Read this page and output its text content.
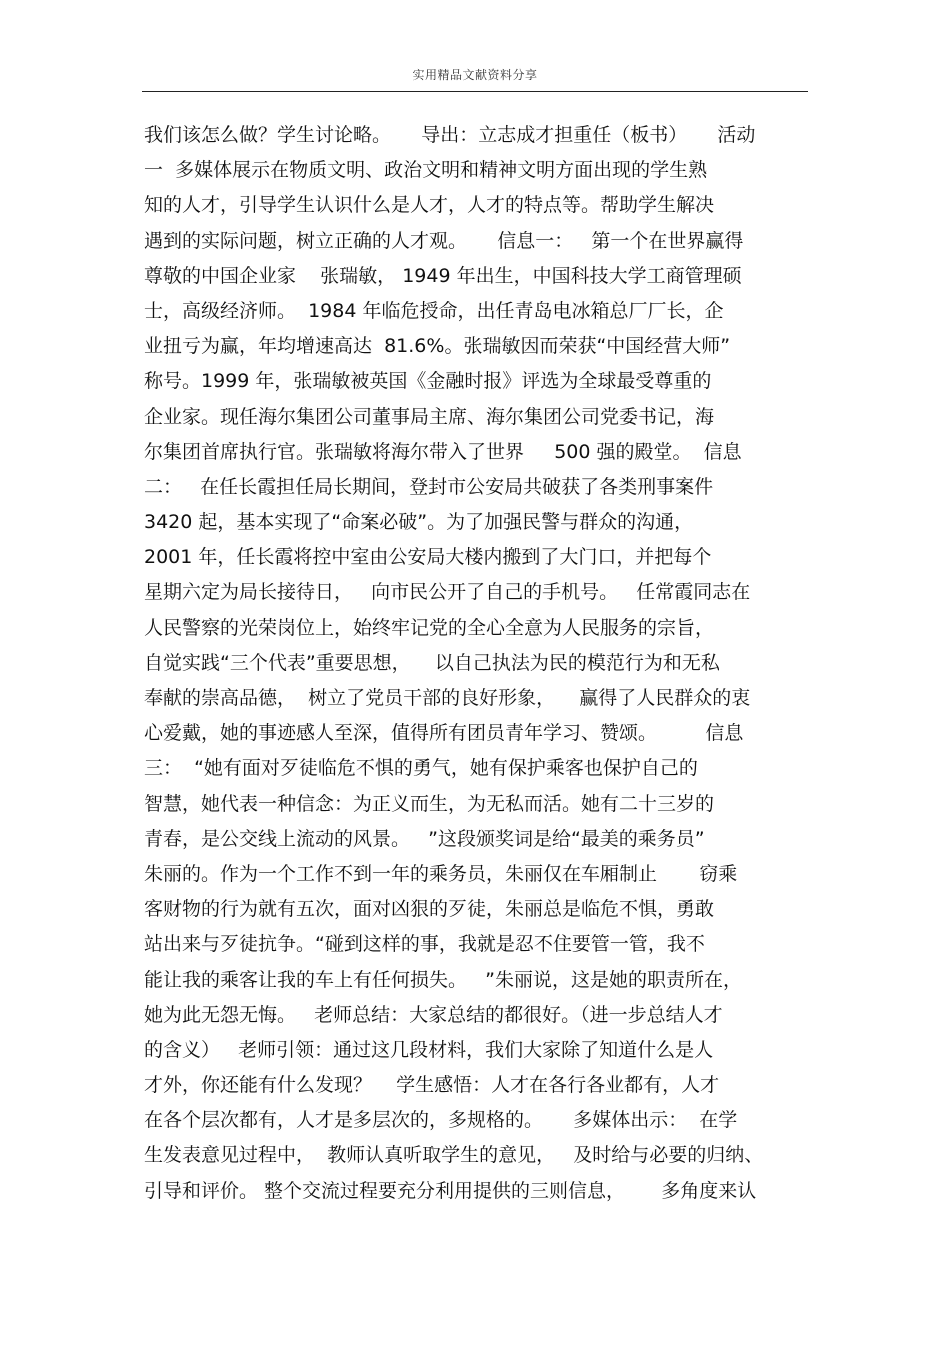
实用精品文献资料分享
我们该怎么做？学生讨论略。     导出：立志成才担重任（板书）     活动
一  多媒体展示在物质文明、政治文明和精神文明方面出现的学生熟
知的人才，引导学生认识什么是人才，人才的特点等。帮助学生解决
遇到的实际问题，树立正确的人才观。     信息一：   第一个在世界赢得
尊敬的中国企业家    张瑞敏， 1949 年出生，中国科技大学工商管理硕
士，高级经济师。  1984 年临危授命，出任青岛电冰箱总厂厂长，企
业扭亏为赢，年均增速高达  81.6%。张瑞敏因而荣获“中国经营大师”
称号。1999 年，张瑞敏被英国《金融时报》评选为全球最受尊重的
企业家。现任海尔集团公司董事局主席、海尔集团公司党委书记，海
尔集团首席执行官。张瑞敏将海尔带入了世界     500 强的殿堂。  信息
二：   在任长霞担任局长期间，登封市公安局共破获了各类刑事案件
3420 起，基本实现了“命案必破”。为了加强民警与群众的沟通，
2001 年，任长霞将控中室由公安局大楼内搬到了大门口，并把每个
星期六定为局长接待日，   向市民公开了自己的手机号。   任常霞同志在
人民警察的光荣岗位上，始终牢记党的全心全意为人民服务的宗旨，
自觉实践“三个代表”重要思想，    以自己执法为民的模范行为和无私
奉献的崇高品德，  树立了党员干部的良好形象，    赢得了人民群众的衷
心爱戴，她的事迹感人至深，值得所有团员青年学习、赞颂。        信息
三：  “她有面对歹徒临危不惧的勇气，她有保护乘客也保护自己的
智慧，她代表一种信念：为正义而生，为无私而活。她有二十三岁的
青春，是公交线上流动的风景。   ”这段颁奖词是给“最美的乘务员”
朱丽的。作为一个工作不到一年的乘务员，朱丽仅在车厢制止       窃乘
客财物的行为就有五次，面对凶狠的歹徒，朱丽总是临危不惧，勇敢
站出来与歹徒抗争。“碰到这样的事，我就是忍不住要管一管，我不
能让我的乘客让我的车上有任何损失。   ”朱丽说，这是她的职责所在，
她为此无怨无悔。   老师总结：大家总结的都很好。（进一步总结人才
的含义）   老师引领：通过这几段材料，我们大家除了知道什么是人
才外，你还能有什么发现？    学生感悟：人才在各行各业都有，人才
在各个层次都有，人才是多层次的，多规格的。     多媒体出示：  在学
生发表意见过程中，  教师认真听取学生的意见，   及时给与必要的归纳、
引导和评价。 整个交流过程要充分利用提供的三则信息，      多角度来认
